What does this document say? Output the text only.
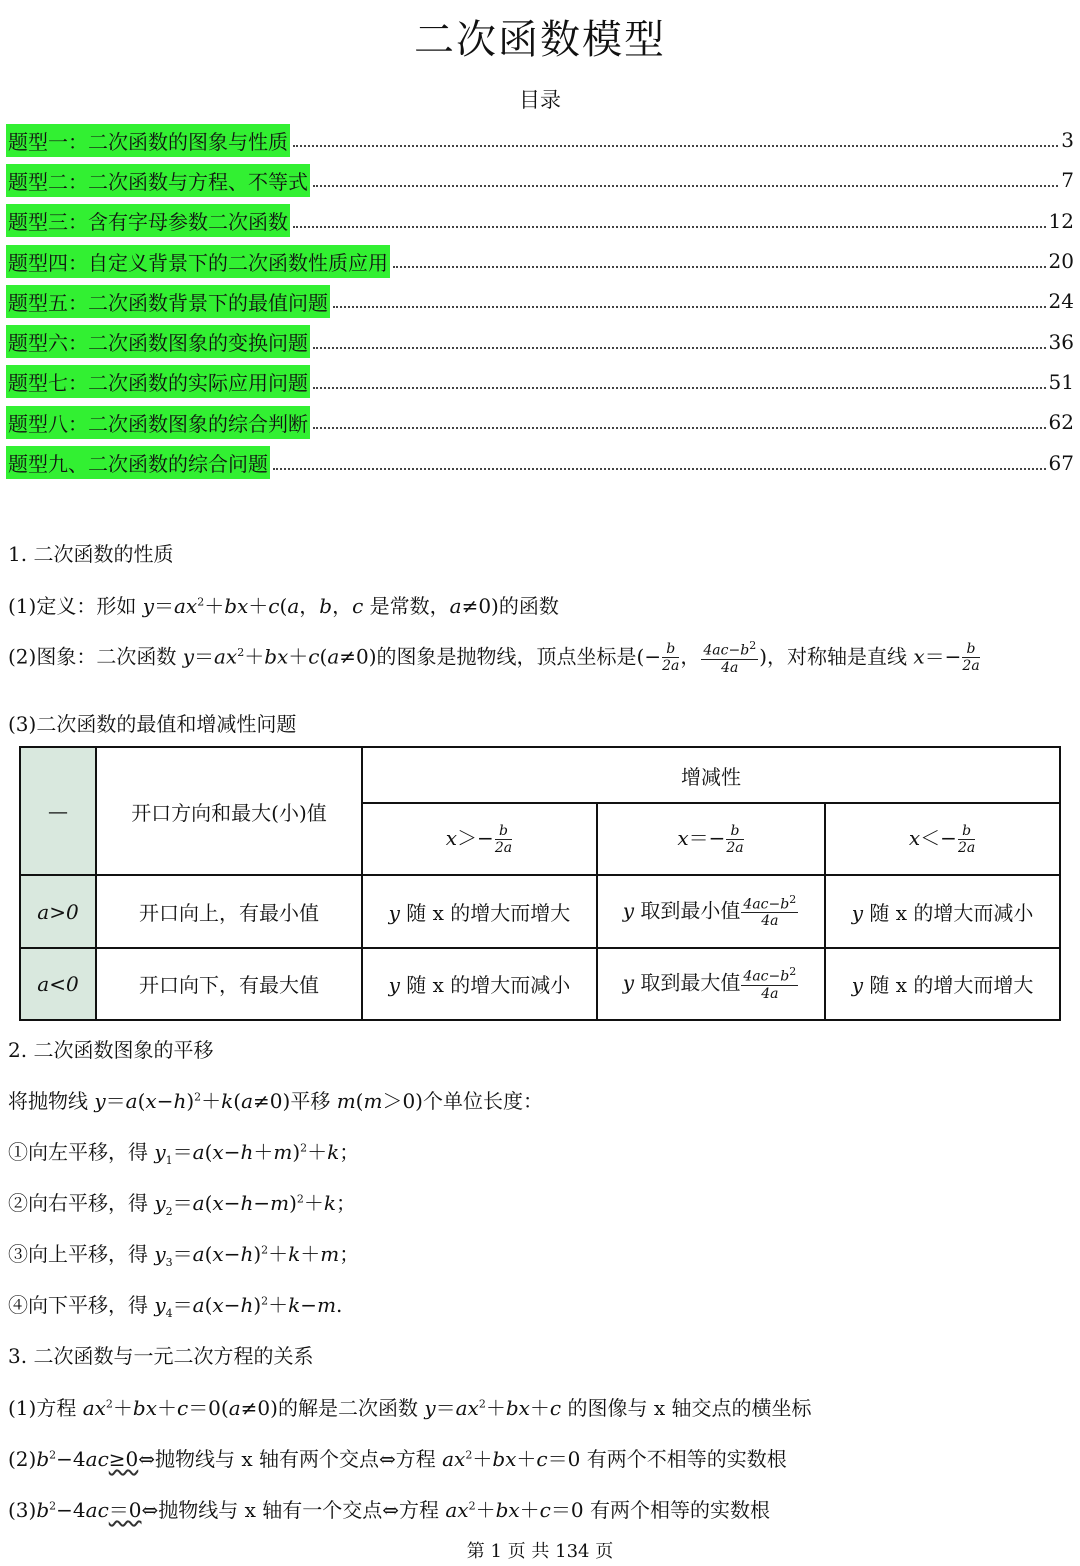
二次函数模型
目录
题型一：二次函数的图象与性质	3
题型二：二次函数与方程、不等式	7
题型三：含有字母参数二次函数	12
题型四：自定义背景下的二次函数性质应用	20
题型五：二次函数背景下的最值问题	24
题型六：二次函数图象的变换问题	36
题型七：二次函数的实际应用问题	51
题型八：二次函数图象的综合判断	62
题型九、二次函数的综合问题	67
1. 二次函数的性质
(1)定义：形如 $y=ax^2+bx+c(a$，b，c 是常数，a≠0)的函数
(2)图象：二次函数 $y=ax^2+bx+c(a\ne 0)$的图象是抛物线，顶点坐标是(− $\frac{b}{2a}$ ， $\frac{4ac-b^2}{4a}$ )，对称轴是直线 $x=- \frac{b}{2a}$
(3)二次函数的最值和增减性问题
—	开口方向和最大(小)值	增减性		
		$x>- \frac{b}{2a}$	$x=- \frac{b}{2a}$	$x<- \frac{b}{2a}$

a>0	开口向上，有最小值	y 随 x 的增大而增大	y 取到最小值 $\frac{4ac-b^2}{4a}$	y 随 x 的增大而减小
a<0	开口向下，有最大值	y 随 x 的增大而减小	y 取到最大值 $\frac{4ac-b^2}{4a}$	y 随 x 的增大而增大
2. 二次函数图象的平移
将抛物线 $y=a(x-h)^2+k(a\ne 0)$平移 m(m＞0)个单位长度：
①向左平移，得 $y_1=a(x-h+m)^2+k$；
②向右平移，得 $y_2=a(x-h-m)^2+k$；
③向上平移，得 $y_3=a(x-h)^2+k+m$；
④向下平移，得 $y_4=a(x-h)^2+k-m$.
3. 二次函数与一元二次方程的关系
(1)方程 $ax^2+bx+c=0(a\ne 0)$的解是二次函数 $y=ax^2+bx+c$ 的图像与 x 轴交点的横坐标
$(2)b^2-4ac\ge 0\Leftrightarrow$抛物线与 x 轴有两个交点⇔方程 $ax^2+bx+c=0$ 有两个不相等的实数根
$(3)b^2-4ac=0\Leftrightarrow$抛物线与 x 轴有一个交点⇔方程 $ax^2+bx+c=0$ 有两个相等的实数根
第 1 页 共 134 页
